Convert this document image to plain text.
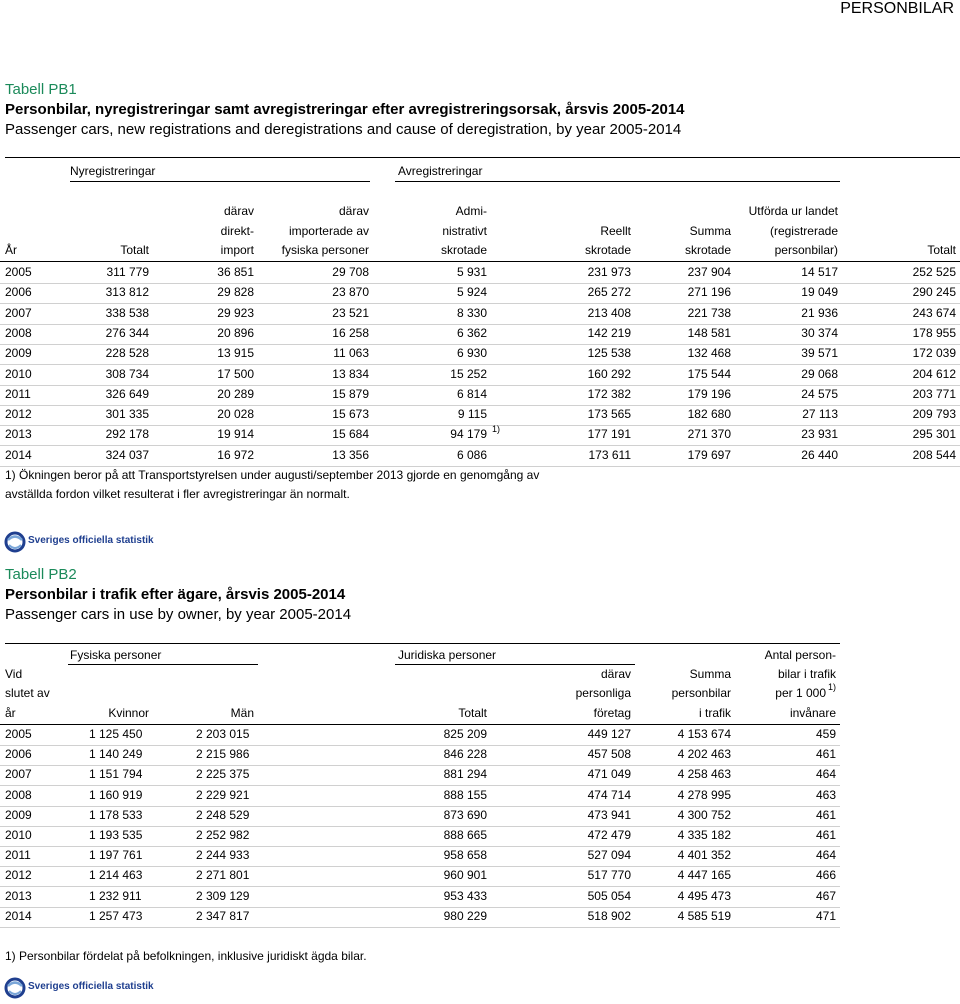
PERSONBILAR
Tabell PB1
Personbilar, nyregistreringar samt avregistreringar efter avregistreringsorsak, årsvis 2005-2014
Passenger cars, new registrations and deregistrations and cause of deregistration, by year 2005-2014
Nyregistreringar	Avregistreringar
År	Totalt
därav
direkt-
import
därav
importerade av
fysiska personer
Admi-
nistrativt
skrotade
Reellt
skrotade
Summa
skrotade
Utförda ur landet
(registrerade
personbilar)	Totalt
2005	311 779	36 851	29 708	5 931	231 973	237 904	14 517	252 525
2006	313 812	29 828	23 870	5 924	265 272	271 196	19 049	290 245
2007	338 538	29 923	23 521	8 330	213 408	221 738	21 936	243 674
2008	276 344	20 896	16 258	6 362	142 219	148 581	30 374	178 955
2009	228 528	13 915	11 063	6 930	125 538	132 468	39 571	172 039
2010	308 734	17 500	13 834	15 252	160 292	175 544	29 068	204 612
2011	326 649	20 289	15 879	6 814	172 382	179 196	24 575	203 771
2012	301 335	20 028	15 673	9 115	173 565	182 680	27 113	209 793
2013	292 178	19 914	15 684	94 179	177 191	271 370	23 931	295 301
1)
2014	324 037	16 972	13 356	6 086	173 611	179 697	26 440	208 544
1) Ökningen beror på att Transportstyrelsen under augusti/september 2013 gjorde en genomgång av
avställda fordon vilket resulterat i fler avregistreringar än normalt.
Sveriges officiella statistik
Tabell PB2
Personbilar i trafik efter ägare, årsvis 2005-2014
Passenger cars in use by owner, by year 2005-2014
Fysiska personer	Juridiska personer
Vid
slutet av
år	Kvinnor	Män	Totalt
därav
personliga
företag
Summa
personbilar
i trafik
Antal person-
bilar i trafik
per 1 000
invånare
1)
2005	1 125 450	2 203 015	825 209	449 127	4 153 674	459
2006	1 140 249	2 215 986	846 228	457 508	4 202 463	461
2007	1 151 794	2 225 375	881 294	471 049	4 258 463	464
2008	1 160 919	2 229 921	888 155	474 714	4 278 995	463
2009	1 178 533	2 248 529	873 690	473 941	4 300 752	461
2010	1 193 535	2 252 982	888 665	472 479	4 335 182	461
2011	1 197 761	2 244 933	958 658	527 094	4 401 352	464
2012	1 214 463	2 271 801	960 901	517 770	4 447 165	466
2013	1 232 911	2 309 129	953 433	505 054	4 495 473	467
2014	1 257 473	2 347 817	980 229	518 902	4 585 519	471
1) Personbilar fördelat på befolkningen, inklusive juridiskt ägda bilar.
Sveriges officiella statistik
